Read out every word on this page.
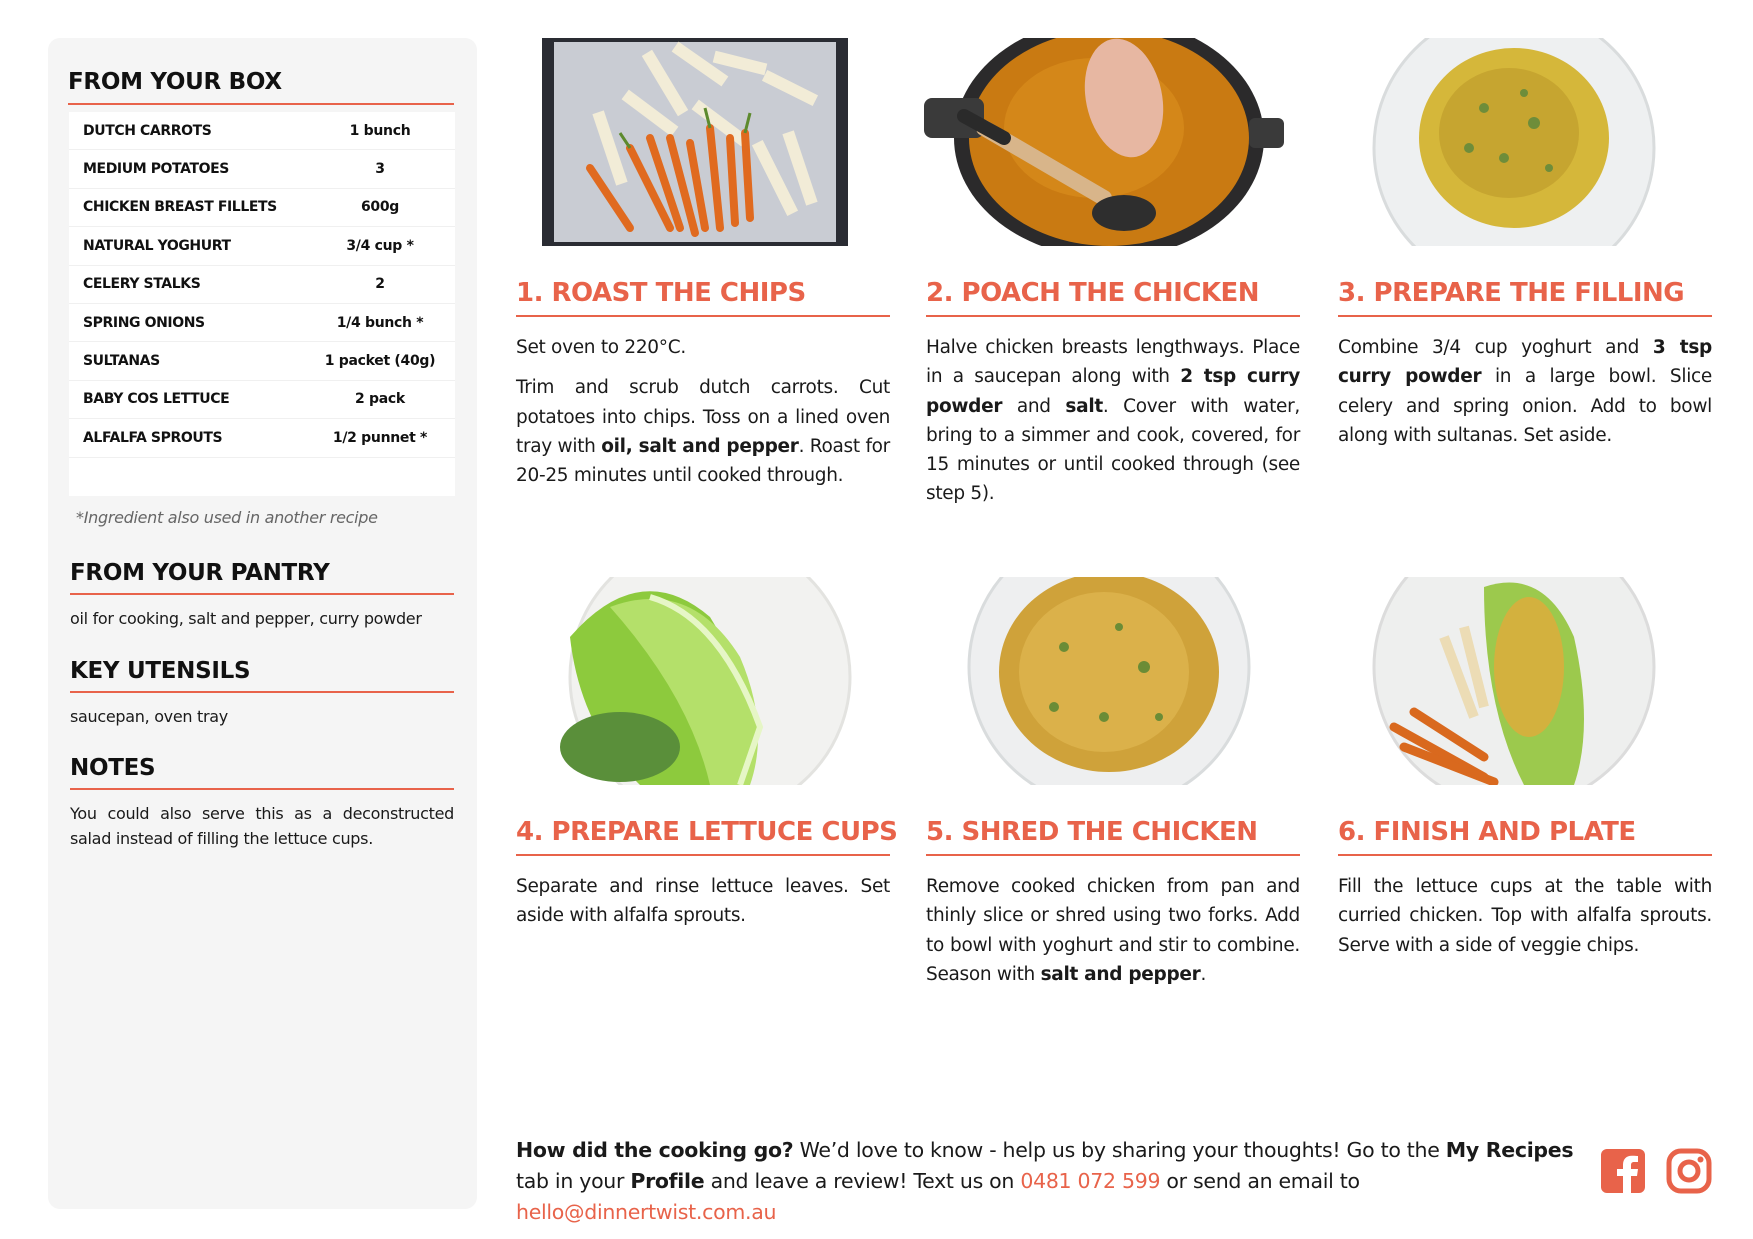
FROM YOUR BOX
DUTCH CARROTS	1 bunch
MEDIUM POTATOES	3
CHICKEN BREAST FILLETS	600g
NATURAL YOGHURT	3/4 cup *
CELERY STALKS	2
SPRING ONIONS	1/4 bunch *
SULTANAS	1 packet (40g)
BABY COS LETTUCE	2 pack
ALFALFA SPROUTS	1/2 punnet *
*Ingredient also used in another recipe
FROM YOUR PANTRY
oil for cooking, salt and pepper, curry powder
KEY UTENSILS
saucepan, oven tray
NOTES
You could also serve this as a deconstructed salad instead of filling the lettuce cups.
1. ROAST THE CHIPS

Set oven to 220°C.

Trim and scrub dutch carrots. Cut potatoes into chips. Toss on a lined oven tray with oil, salt and pepper. Roast for 20-25 minutes until cooked through.

2. POACH THE CHICKEN

Halve chicken breasts lengthways. Place in a saucepan along with 2 tsp curry powder and salt. Cover with water, bring to a simmer and cook, covered, for 15 minutes or until cooked through (see step 5).

3. PREPARE THE FILLING

Combine 3/4 cup yoghurt and 3 tsp curry powder in a large bowl. Slice celery and spring onion. Add to bowl along with sultanas. Set aside.

4. PREPARE LETTUCE CUPS

Separate and rinse lettuce leaves. Set aside with alfalfa sprouts.

5. SHRED THE CHICKEN

Remove cooked chicken from pan and thinly slice or shred using two forks. Add to bowl with yoghurt and stir to combine. Season with salt and pepper.

6. FINISH AND PLATE

Fill the lettuce cups at the table with curried chicken. Top with alfalfa sprouts. Serve with a side of veggie chips.

How did the cooking go? We’d love to know - help us by sharing your thoughts! Go to the My Recipes tab in your Profile and leave a review! Text us on 0481 072 599 or send an email to hello@dinnertwist.com.au
